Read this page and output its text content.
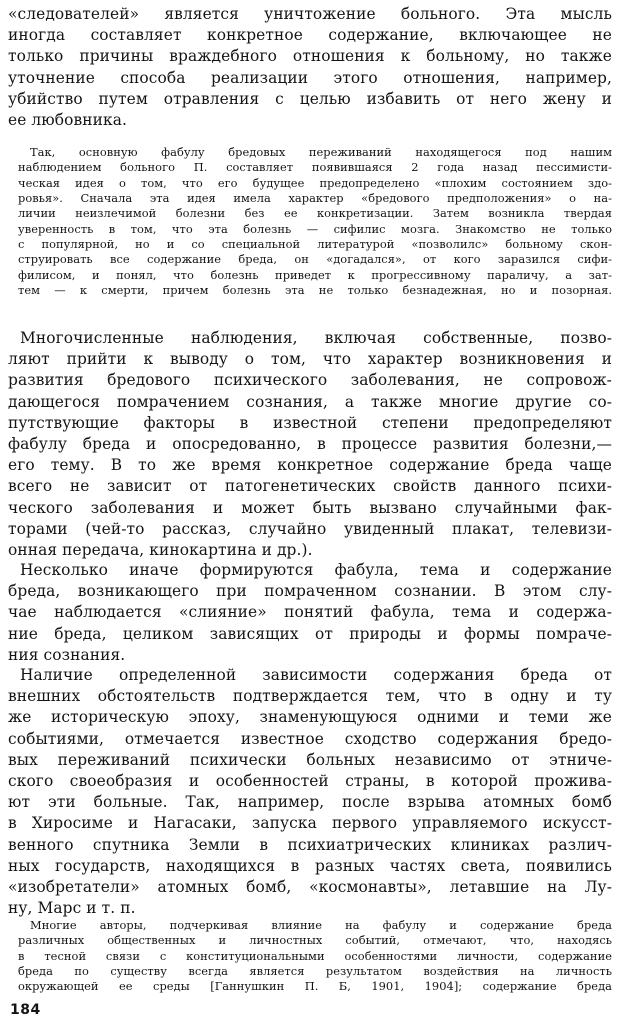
«следователей» является уничтожение больного. Эта мысль
иногда составляет конкретное содержание, включающее не
только причины враждебного отношения к больному, но также
уточнение способа реализации этого отношения, например,
убийство путем отравления с целью избавить от него жену и
ее любовника.
Так, основную фабулу бредовых переживаний находящегося под нашим
наблюдением больного П. составляет появившаяся 2 года назад пессимисти-
ческая идея о том, что его будущее предопределено «плохим состоянием здо-
ровья». Сначала эта идея имела характер «бредового предположения» о на-
личии неизлечимой болезни без ее конкретизации. Затем возникла твердая
уверенность в том, что эта болезнь — сифилис мозга. Знакомство не только
с популярной, но и со специальной литературой «позволилс» больному скон-
струировать все содержание бреда, он «догадался», от кого заразился сифи-
филисом, и понял, что болезнь приведет к прогрессивному параличу, а зат-
тем — к смерти, причем болезнь эта не только безнадежная, но и позорная.
Многочисленные наблюдения, включая собственные, позво-
ляют прийти к выводу о том, что характер возникновения и
развития бредового психического заболевания, не сопровож-
дающегося помрачением сознания, а также многие другие со-
путствующие факторы в известной степени предопределяют
фабулу бреда и опосредованно, в процессе развития болезни,—
его тему. В то же время конкретное содержание бреда чаще
всего не зависит от патогенетических свойств данного психи-
ческого заболевания и может быть вызвано случайными фак-
торами (чей-то рассказ, случайно увиденный плакат, телевизи-
онная передача, кинокартина и др.).
Несколько иначе формируются фабула, тема и содержание
бреда, возникающего при помраченном сознании. В этом слу-
чае наблюдается «слияние» понятий фабула, тема и содержа-
ние бреда, целиком зависящих от природы и формы помраче-
ния сознания.
Наличие определенной зависимости содержания бреда от
внешних обстоятельств подтверждается тем, что в одну и ту
же историческую эпоху, знаменующуюся одними и теми же
событиями, отмечается известное сходство содержания бредо-
вых переживаний психически больных независимо от этниче-
ского своеобразия и особенностей страны, в которой прожива-
ют эти больные. Так, например, после взрыва атомных бомб
в Хиросиме и Нагасаки, запуска первого управляемого искусст-
венного спутника Земли в психиатрических клиниках различ-
ных государств, находящихся в разных частях света, появились
«изобретатели» атомных бомб, «космонавты», летавшие на Лу-
ну, Марс и т. п.
Многие авторы, подчеркивая влияние на фабулу и содержание бреда
различных общественных и личностных событий, отмечают, что, находясь
в тесной связи с конституциональными особенностями личности, содержание
бреда по существу всегда является результатом воздействия на личность
окружающей ее среды [Ганнушкин П. Б, 1901, 1904]; содержание бреда
184
